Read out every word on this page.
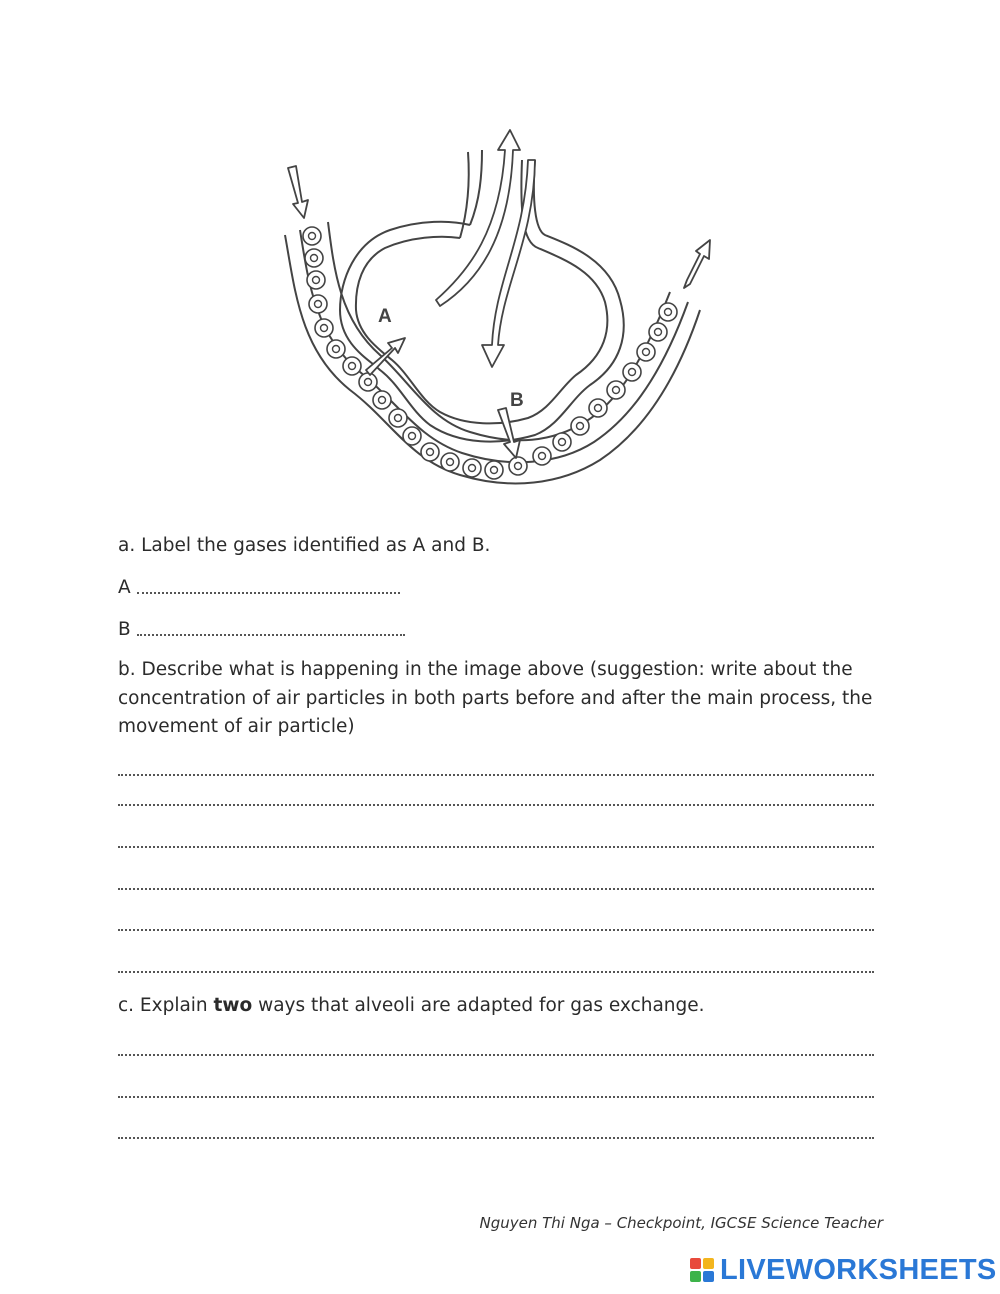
A
B
a. Label the gases identified as A and B.
A
B
b. Describe what is happening in the image above (suggestion: write about the concentration of air particles in both parts before and after the main process, the movement of air particle)
c. Explain two ways that alveoli are adapted for gas exchange.
Nguyen Thi Nga – Checkpoint, IGCSE Science Teacher
LIVEWORKSHEETS
